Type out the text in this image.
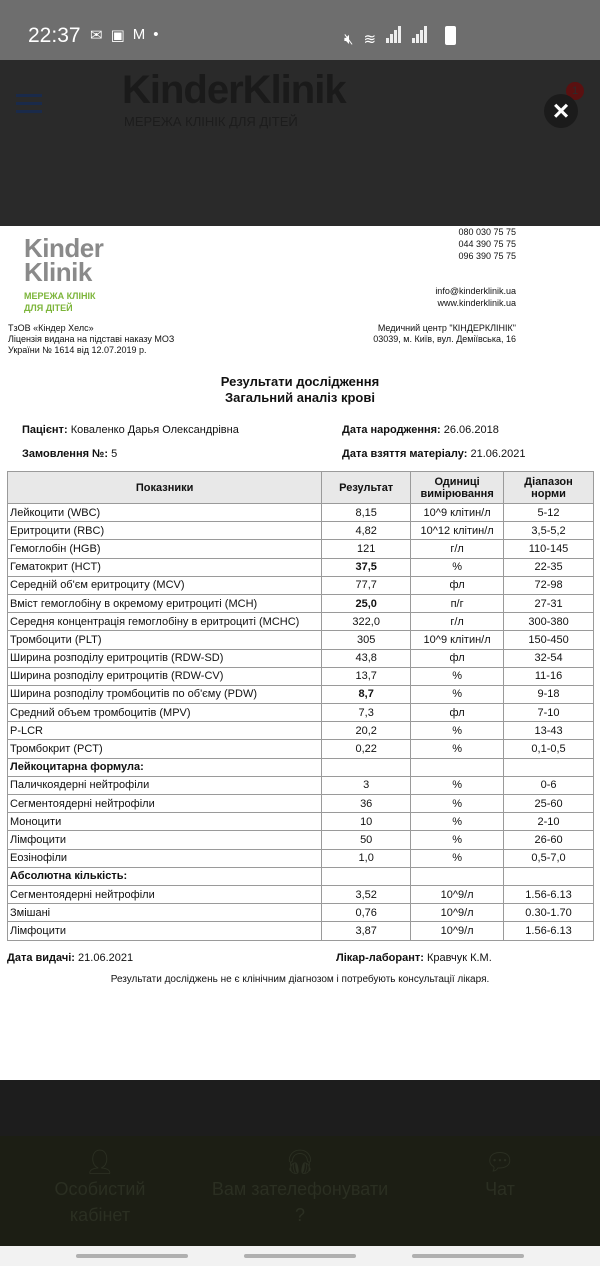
22:37 ✉ ▣ M •	🔇︎ ≋
KinderKlinik
МЕРЕЖА КЛІНІК ДЛЯ ДІТЕЙ
1
×
Kinder
Klinik
МЕРЕЖА КЛІНІК
ДЛЯ ДІТЕЙ
080 030 75 75
044 390 75 75
096 390 75 75
info@kinderklinik.ua
www.kinderklinik.ua
ТзОВ «Кіндер Хелс»
Ліцензія видана на підставі наказу МОЗ
України № 1614 від 12.07.2019 р.
Медичний центр "КІНДЕРКЛІНІК"
03039, м. Київ, вул. Деміївська, 16
Результати дослідження
Загальний аналіз крові
Пацієнт: Коваленко Дарья Олександрівна	Дата народження: 26.06.2018
Замовлення №: 5	Дата взяття матеріалу: 21.06.2021
Показники	Результат	Одиниці вимірювання	Діапазон норми
Лейкоцити (WBC)	8,15	10^9 клітин/л	5-12
Еритроцити (RBC)	4,82	10^12 клітин/л	3,5-5,2
Гемоглобін (HGB)	121	г/л	110-145
Гематокрит (HCT)	37,5	%	22-35
Середній об'єм еритроциту (MCV)	77,7	фл	72-98
Вміст гемоглобіну в окремому еритроциті (MCH)	25,0	п/г	27-31
Середня концентрація гемоглобіну в еритроциті (MCHC)	322,0	г/л	300-380
Тромбоцити (PLT)	305	10^9 клітин/л	150-450
Ширина розподілу еритроцитів (RDW-SD)	43,8	фл	32-54
Ширина розподілу еритроцитів (RDW-CV)	13,7	%	11-16
Ширина розподілу тромбоцитів по об'єму (PDW)	8,7	%	9-18
Средний объем тромбоцитів (MPV)	7,3	фл	7-10
P-LCR	20,2	%	13-43
Тромбокрит (PCT)	0,22	%	0,1-0,5
Лейкоцитарна формула:			
Паличкоядерні нейтрофіли	3	%	0-6
Сегментоядерні нейтрофіли	36	%	25-60
Моноцити	10	%	2-10
Лімфоцити	50	%	26-60
Еозінофіли	1,0	%	0,5-7,0
Абсолютна кількість:			
Сегментоядерні нейтрофіли	3,52	10^9/л	1.56-6.13
Змішані	0,76	10^9/л	0.30-1.70
Лімфоцити	3,87	10^9/л	1.56-6.13
Дата видачі: 21.06.2021	Лікар-лаборант: Кравчук К.М.
Результати досліджень не є клінічним діагнозом і потребують консультації лікаря.
👤︎
Особистий кабінет
🎧︎
Вам зателефонувати ?
💬︎
Чат
